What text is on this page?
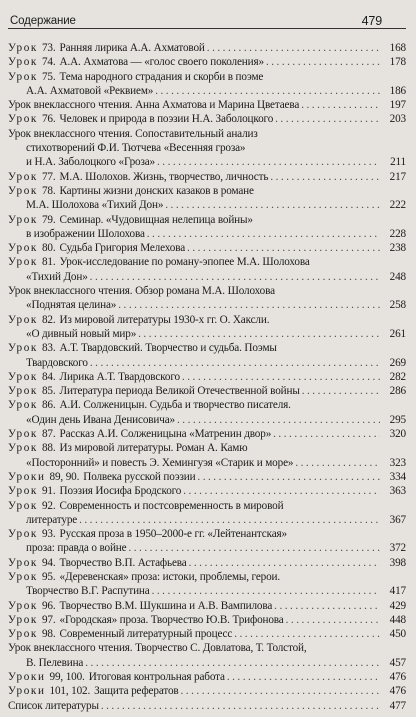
Содержание	479
Урок 73. Ранняя лирика А.А. Ахматовой . . .	168
Урок 74. А.А. Ахматова — «голос своего поколения» . . .	178
Урок 75. Тема народного страдания и скорби в поэме
А.А. Ахматовой «Реквием» . . .	186
Урок внеклассного чтения. Анна Ахматова и Марина Цветаева . . .	197
Урок 76. Человек и природа в поэзии Н.А. Заболоцкого . . .	203
Урок внеклассного чтения. Сопоставительный анализ
стихотворений Ф.И. Тютчева «Весенняя гроза»
и Н.А. Заболоцкого «Гроза» . . .	211
Урок 77. М.А. Шолохов. Жизнь, творчество, личность . . .	217
Урок 78. Картины жизни донских казаков в романе
М.А. Шолохова «Тихий Дон» . . .	222
Урок 79. Семинар. «Чудовищная нелепица войны»
в изображении Шолохова . . .	228
Урок 80. Судьба Григория Мелехова . . .	238
Урок 81. Урок-исследование по роману-эпопее М.А. Шолохова
«Тихий Дон» . . .	248
Урок внеклассного чтения. Обзор романа М.А. Шолохова
«Поднятая целина» . . .	258
Урок 82. Из мировой литературы 1930-х гг. О. Хаксли.
«О дивный новый мир» . . .	261
Урок 83. А.Т. Твардовский. Творчество и судьба. Поэмы
Твардовского . . .	269
Урок 84. Лирика А.Т. Твардовского . . .	282
Урок 85. Литература периода Великой Отечественной войны . . .	286
Урок 86. А.И. Солженицын. Судьба и творчество писателя.
«Один день Ивана Денисовича» . . .	295
Урок 87. Рассказ А.И. Солженицына «Матренин двор» . . .	320
Урок 88. Из мировой литературы. Роман А. Камю
«Посторонний» и повесть Э. Хемингуэя «Старик и море» . . .	323
Уроки 89, 90. Полвека русской поэзии . . .	334
Урок 91. Поэзия Иосифа Бродского . . .	363
Урок 92. Современность и постсовременность в мировой
литературе . . .	367
Урок 93. Русская проза в 1950–2000-е гг. «Лейтенантская»
проза: правда о войне . . .	372
Урок 94. Творчество В.П. Астафьева . . .	398
Урок 95. «Деревенская» проза: истоки, проблемы, герои.
Творчество В.Г. Распутина . . .	417
Урок 96. Творчество В.М. Шукшина и А.В. Вампилова . . .	429
Урок 97. «Городская» проза. Творчество Ю.В. Трифонова . . .	448
Урок 98. Современный литературный процесс . . .	450
Урок внеклассного чтения. Творчество С. Довлатова, Т. Толстой,
В. Пелевина . . .	457
Уроки 99, 100. Итоговая контрольная работа . . .	476
Уроки 101, 102. Защита рефератов . . .	476
Список литературы . . .	477
